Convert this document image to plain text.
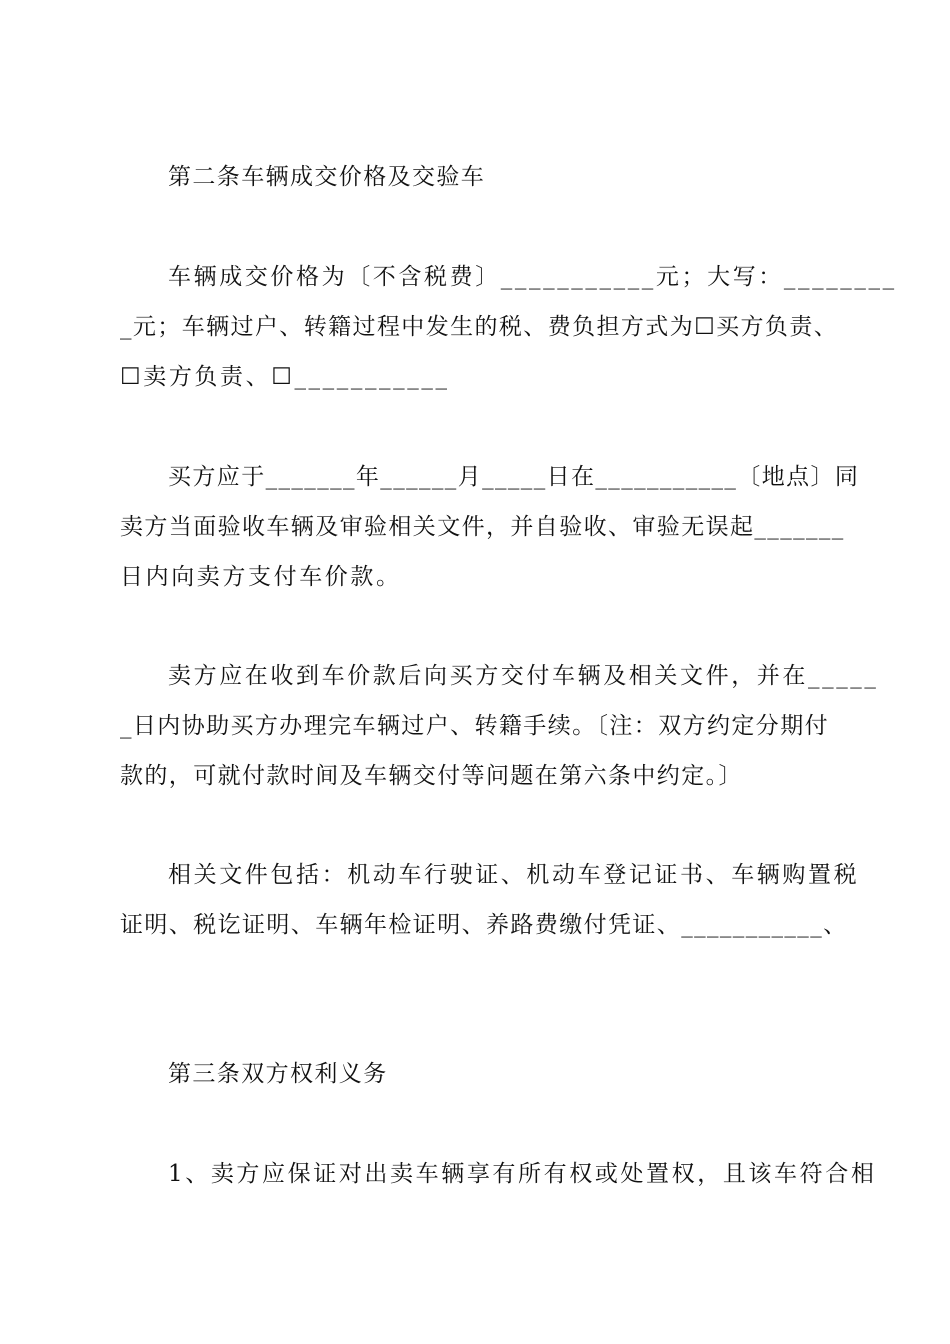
第二条车辆成交价格及交验车
车辆成交价格为〔不含税费〕___________元；大写：________
_元；车辆过户、转籍过程中发生的税、费负担方式为☐买方负责、
☐卖方负责、☐___________
买方应于_______年______月_____日在___________〔地点〕同
卖方当面验收车辆及审验相关文件，并自验收、审验无误起_______
日内向卖方支付车价款。
卖方应在收到车价款后向买方交付车辆及相关文件，并在_____
_日内协助买方办理完车辆过户、转籍手续。〔注：双方约定分期付
款的，可就付款时间及车辆交付等问题在第六条中约定。〕
相关文件包括：机动车行驶证、机动车登记证书、车辆购置税
证明、税讫证明、车辆年检证明、养路费缴付凭证、___________、
第三条双方权利义务
1、卖方应保证对出卖车辆享有所有权或处置权，且该车符合相
